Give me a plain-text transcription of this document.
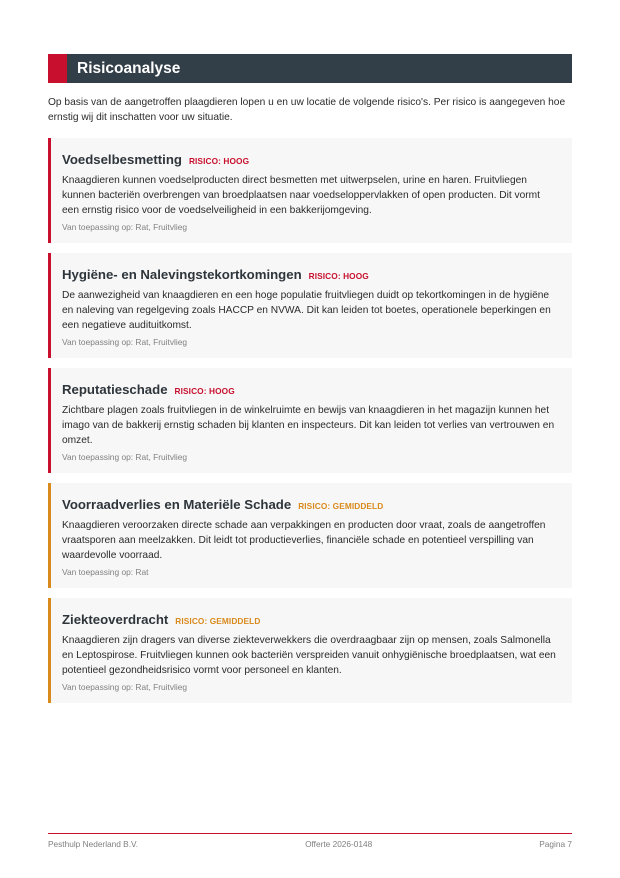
Risicoanalyse

Op basis van de aangetroffen plaagdieren lopen u en uw locatie de volgende risico's. Per risico is aangegeven hoe ernstig wij dit inschatten voor uw situatie.

Voedselbesmetting RISICO: HOOG

Knaagdieren kunnen voedselproducten direct besmetten met uitwerpselen, urine en haren. Fruitvliegen kunnen bacteriën overbrengen van broedplaatsen naar voedseloppervlakken of open producten. Dit vormt een ernstig risico voor de voedselveiligheid in een bakkerijomgeving.

Van toepassing op: Rat, Fruitvlieg
Hygiëne- en Nalevingstekortkomingen RISICO: HOOG

De aanwezigheid van knaagdieren en een hoge populatie fruitvliegen duidt op tekortkomingen in de hygiëne en naleving van regelgeving zoals HACCP en NVWA. Dit kan leiden tot boetes, operationele beperkingen en een negatieve audituitkomst.

Van toepassing op: Rat, Fruitvlieg
Reputatieschade RISICO: HOOG

Zichtbare plagen zoals fruitvliegen in de winkelruimte en bewijs van knaagdieren in het magazijn kunnen het imago van de bakkerij ernstig schaden bij klanten en inspecteurs. Dit kan leiden tot verlies van vertrouwen en omzet.

Van toepassing op: Rat, Fruitvlieg
Voorraadverlies en Materiële Schade RISICO: GEMIDDELD

Knaagdieren veroorzaken directe schade aan verpakkingen en producten door vraat, zoals de aangetroffen vraatsporen aan meelzakken. Dit leidt tot productieverlies, financiële schade en potentieel verspilling van waardevolle voorraad.

Van toepassing op: Rat
Ziekteoverdracht RISICO: GEMIDDELD

Knaagdieren zijn dragers van diverse ziekteverwekkers die overdraagbaar zijn op mensen, zoals Salmonella en Leptospirose. Fruitvliegen kunnen ook bacteriën verspreiden vanuit onhygiënische broedplaatsen, wat een potentieel gezondheidsrisico vormt voor personeel en klanten.

Van toepassing op: Rat, Fruitvlieg
Pesthulp Nederland B.V.	Offerte 2026-0148	Pagina 7
